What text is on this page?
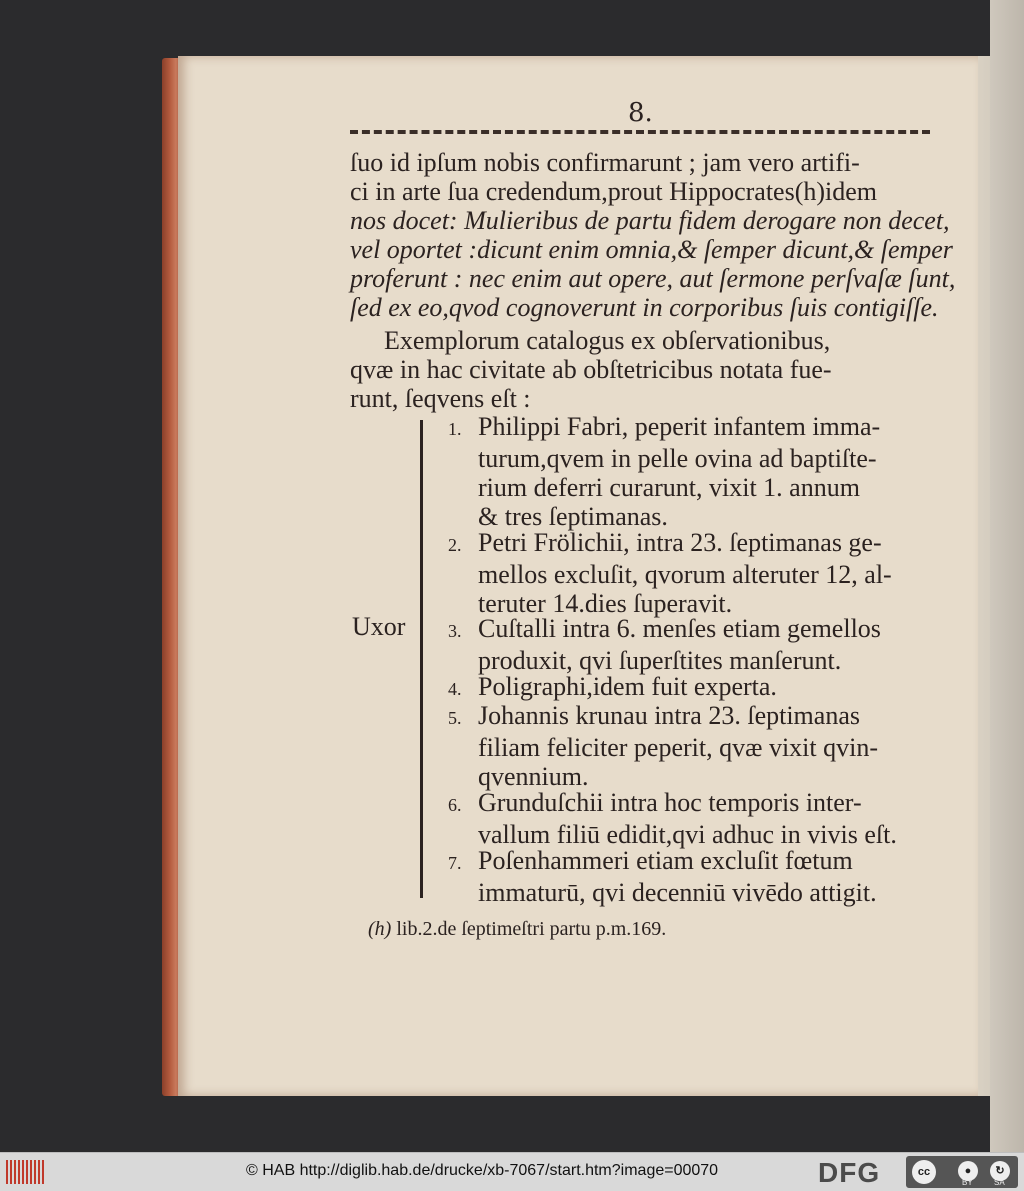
8.
ſuo id ipſum nobis confirmarunt ; jam vero artifi-
ci in arte ſua credendum,prout Hippocrates(h)idem
nos docet: Mulieribus de partu fidem derogare non decet,
vel oportet :dicunt enim omnia,& ſemper dicunt,& ſemper
proferunt : nec enim aut opere, aut ſermone perſvaſæ ſunt,
ſed ex eo,qvod cognoverunt in corporibus ſuis contigiſſe.
Exemplorum catalogus ex obſervationibus,
qvæ in hac civitate ab obſtetricibus notata fue-
runt, ſeqvens eſt :
Uxor
1. Philippi Fabri, peperit infantem imma-
turum,qvem in pelle ovina ad baptiſte-
rium deferri curarunt, vixit 1. annum
& tres ſeptimanas.
2. Petri Frölichii, intra 23. ſeptimanas ge-
mellos excluſit, qvorum alteruter 12, al-
teruter 14.dies ſuperavit.
3. Cuſtalli intra 6. menſes etiam gemellos
produxit, qvi ſuperſtites manſerunt.
4. Poligraphi,idem fuit experta.
5. Johannis krunau intra 23. ſeptimanas
filiam feliciter peperit, qvæ vixit qvin-
qvennium.
6. Grunduſchii intra hoc temporis inter-
vallum filiū edidit,qvi adhuc in vivis eſt.
7. Poſenhammeri etiam excluſit fœtum
immaturū, qvi decenniū vivēdo attigit.
(h) lib.2.de ſeptimeſtri partu p.m.169.
© HAB http://diglib.hab.de/drucke/xb-7067/start.htm?image=00070	DFG	cc	●
BY
↻
SA
